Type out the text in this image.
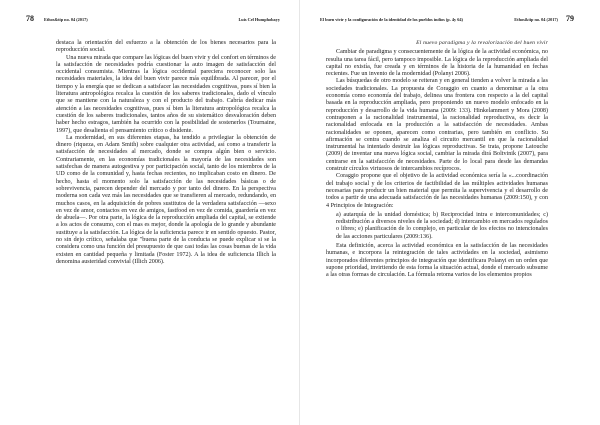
78 Ethos&tip no. 04 (2017)	Luis Cel Humphobayy

destaca la orientación del esfuerzo a la obtención de los bienes necesarios para la reproducción social.

Una nueva mirada que compare las lógicas del buen vivir y del confort en términos de la satisfacción de necesidades podría cuestionar la auto imagen de satisfacción del occidental consumista. Mientras la lógica occidental pareciera reconocer solo las necesidades materiales, la idea del buen vivir parece más equilibrada. Al parecer, por el tiempo y la energía que se dedican a satisfacer las necesidades cognitivas, pues sí bien la literatura antropológica recalca la cuestión de los saberes tradicionales, dado el vínculo que se mantiene con la naturaleza y con el producto del trabajo. Cabría dedicar más atención a las necesidades cognitivas, pues sí bien la literatura antropológica recalca la cuestión de los saberes tradicionales, tantos años de su sistemático desvaloración deben haber hecho estragos, también ha ocurrido con la posibilidad de sostenerlos (Tournaine, 1997), que desalienta el pensamiento crítico o disidente.

La modernidad, en sus diferentes etapas, ha tendido a privilegiar la obtención de dinero (riqueza, en Adam Smith) sobre cualquier otra actividad, así como a transferir la satisfacción de necesidades al mercado, donde se compra algún bien o servicio. Contrariamente, en las economías tradicionales la mayoría de las necesidades son satisfechas de manera autogestiva y por participación social, tanto de los miembros de la UD como de la comunidad y, hasta fechas recientes, no implicaban costo en dinero. De hecho, hasta el momento solo la satisfacción de las necesidades básicas o de sobrevivencia, parecen depender del mercado y por tanto del dinero. En la perspectiva moderna son cada vez más las necesidades que se transfieren al mercado, redundando, en muchos casos, en la adquisición de pobres sustitutos de la verdadera satisfacción —sexo en vez de amor, contactos en vez de amigos, fastfood en vez de comida, guardería en vez de abuela—. Por otra parte, la lógica de la reproducción ampliada del capital, se extiende a los actos de consumo, con el mas es mejor, donde la apología de lo grande y abundante sustituye a la satisfacción. La lógica de la suficiencia parece ir en sentido opuesto. Pastor, no sin dejo crítico, señalaba que "buena parte de la conducta se puede explicar si se la considera como una función del presupuesto de que casi todas las cosas buenas de la vida existen en cantidad pequeña y limitada (Foster 1972). A la idea de suficiencia Illich la denomina austeridad convivial (Illich 2006).

El buen vivir y la configuración de la identidad de los pueblos indios (p. 4y 64)	Ethos&tip no. 04 (2017) 79
El nuevo paradigma y la revalorización del buen vivir

Cambiar de paradigma y consecuentemente de la lógica de la actividad económica, no resulta una tarea fácil, pero tampoco imposible. La lógica de la reproducción ampliada del capital no existía, fue creada y en términos de la historia de la humanidad en fechas recientes. Fue un invento de la modernidad (Polanyi 2006).

Las búsquedas de otro modelo se reiteran y en general tienden a volver la mirada a las sociedades tradicionales. La propuesta de Coraggio en cuanto a denominar a la otra economía como economía del trabajo, delinea una frontera con respecto a la del capital basada en la reproducción ampliada, pero proponiendo un nuevo modelo enfocado en la reproducción y desarrollo de la vida humana (2009: 133). Hinkelammert y Mora (2008) contraponen a la racionalidad instrumental, la racionalidad reproductiva, es decir la racionalidad enfocada en la producción a la satisfacción de necesidades. Ambas racionalidades se oponen, aparecen como contrarias, pero también en conflicto. Su afirmación se centra cuando se analiza el circuito mercantil en que la racionalidad instrumental ha intentado destruir las lógicas reproductivas. Se trata, propone Latouche (2009) de inventar una nueva lógica social, cambiar la mirada dirá Boltvinik (2007), para centrarse en la satisfacción de necesidades. Parte de lo local para desde las demandas construir círculos virtuosos de intercambios recíprocos.

Coraggio propone que el objetivo de la actividad económica sería la «...coordinación del trabajo social y de los criterios de factibilidad de las múltiples actividades humanas necesarias para producir un bien material que permita la supervivencia y el desarrollo de todos a partir de una adecuada satisfacción de las necesidades humanas (2009:150), y con 4 Principios de Integración:

a) autarquía de la unidad doméstica; b) Reciprocidad intra e intercomunidades; c) redistribución a diversos niveles de la sociedad; d) intercambio en mercados regulados o libres; e) planificación de lo complejo, en particular de los efectos no intencionales de las acciones particulares (2009:136).

Esta definición, acerca la actividad económica en la satisfacción de las necesidades humanas, e incorpora la reintegración de tales actividades en la sociedad, asimismo incorporados diferentes principios de integración que identificara Polanyi en un orden que supone prioridad, invirtiendo de esta forma la situación actual, donde el mercado subsume a las otras formas de circulación. La fórmula retoma varios de los elementos propios
